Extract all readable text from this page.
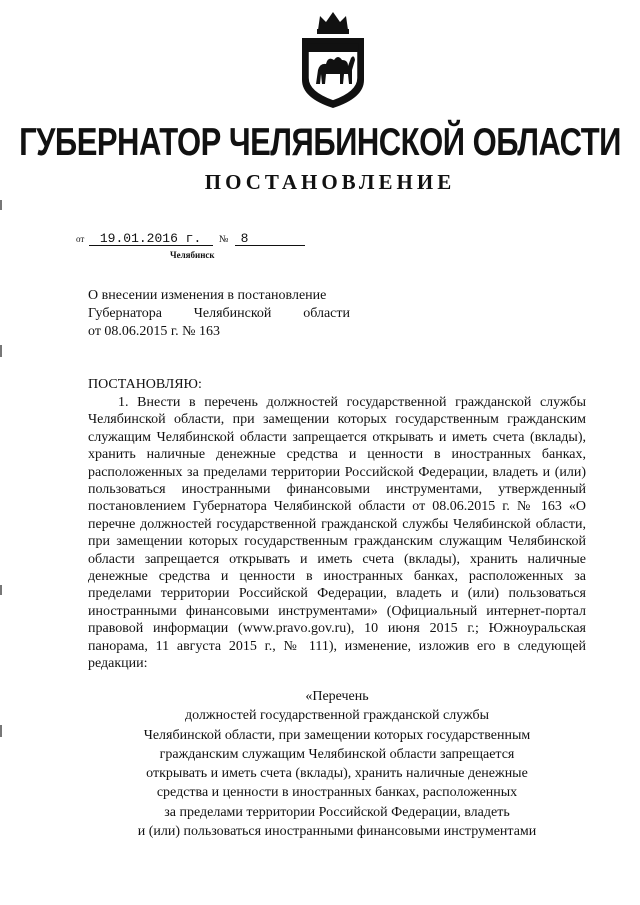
ГУБЕРНАТОР ЧЕЛЯБИНСКОЙ ОБЛАСТИ
ПОСТАНОВЛЕНИЕ
от 19.01.2016 г. № 8
Челябинск
О внесении изменения в постановление
Губернатора Челябинской области
от 08.06.2015 г. № 163
ПОСТАНОВЛЯЮ:
1. Внести в перечень должностей государственной гражданской службы Челябинской области, при замещении которых государственным гражданским служащим Челябинской области запрещается открывать и иметь счета (вклады), хранить наличные денежные средства и ценности в иностранных банках, расположенных за пределами территории Российской Федерации, владеть и (или) пользоваться иностранными финансовыми инструментами, утвержденный постановлением Губернатора Челябинской области от 08.06.2015 г. № 163 «О перечне должностей государственной гражданской службы Челябинской области, при замещении которых государственным гражданским служащим Челябинской области запрещается открывать и иметь счета (вклады), хранить наличные денежные средства и ценности в иностранных банках, расположенных за пределами территории Российской Федерации, владеть и (или) пользоваться иностранными финансовыми инструментами» (Официальный интернет-портал правовой информации (www.pravo.gov.ru), 10 июня 2015 г.; Южноуральская панорама, 11 августа 2015 г., № 111), изменение, изложив его в следующей редакции:
«Перечень
должностей государственной гражданской службы
Челябинской области, при замещении которых государственным
гражданским служащим Челябинской области запрещается
открывать и иметь счета (вклады), хранить наличные денежные
средства и ценности в иностранных банках, расположенных
за пределами территории Российской Федерации, владеть
и (или) пользоваться иностранными финансовыми инструментами
